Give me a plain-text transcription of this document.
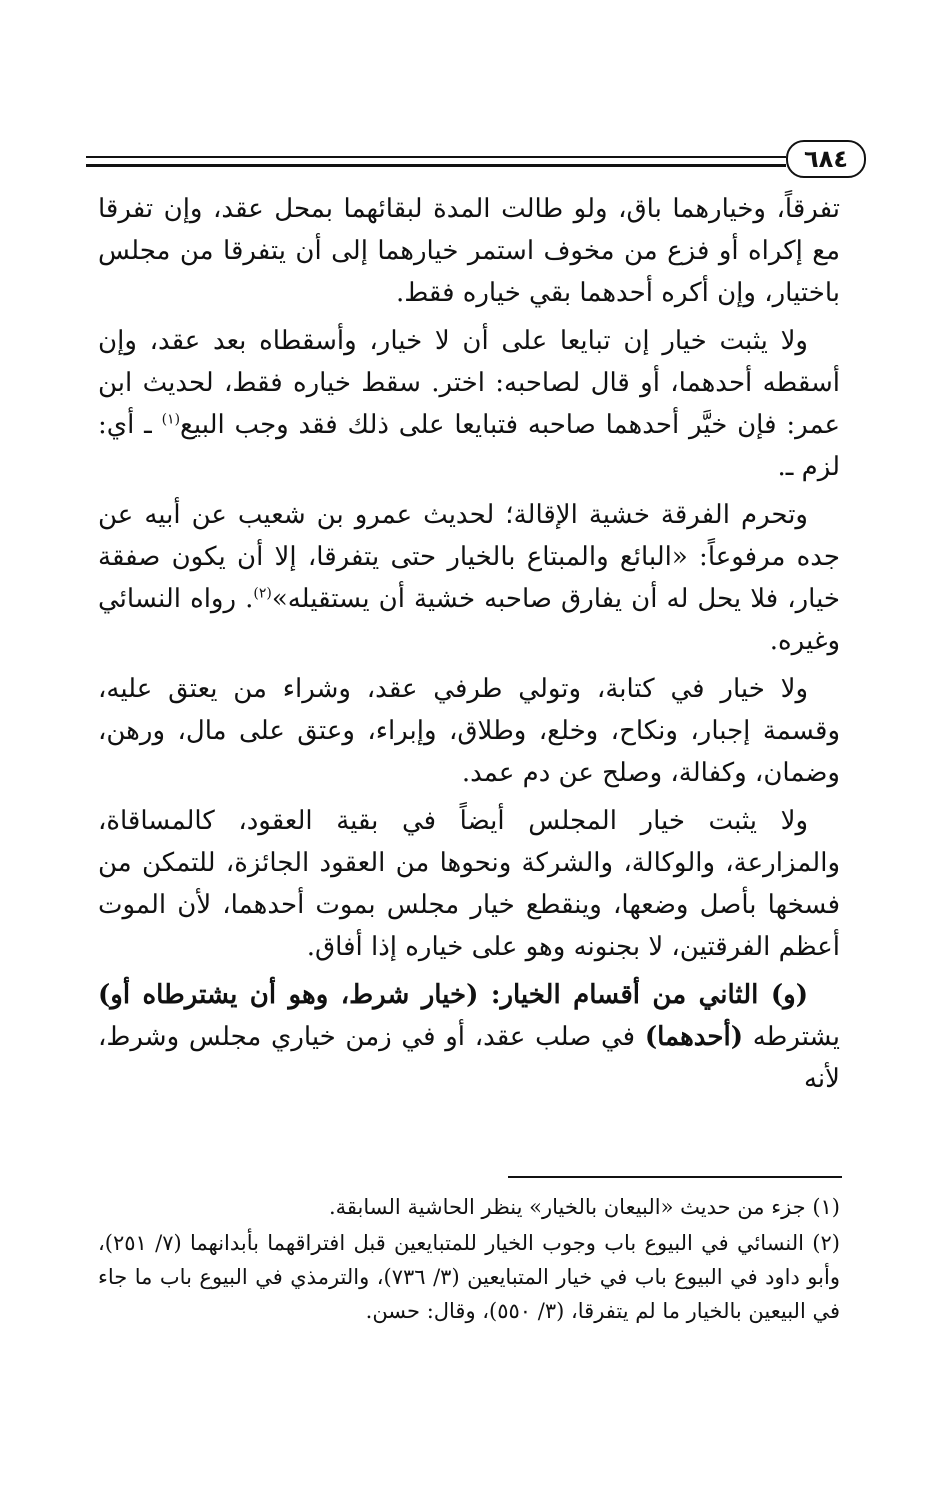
٦٨٤

تفرقاً، وخيارهما باق، ولو طالت المدة لبقائهما بمحل عقد، وإن تفرقا مع إكراه أو فزع من مخوف استمر خيارهما إلى أن يتفرقا من مجلس باختيار، وإن أكره أحدهما بقي خياره فقط.

ولا يثبت خيار إن تبايعا على أن لا خيار، وأسقطاه بعد عقد، وإن أسقطه أحدهما، أو قال لصاحبه: اختر. سقط خياره فقط، لحديث ابن عمر: فإن خيَّر أحدهما صاحبه فتبايعا على ذلك فقد وجب البيع$^{(١)}$ ـ أي: لزم ـ.

وتحرم الفرقة خشية الإقالة؛ لحديث عمرو بن شعيب عن أبيه عن جده مرفوعاً: «البائع والمبتاع بالخيار حتى يتفرقا، إلا أن يكون صفقة خيار، فلا يحل له أن يفارق صاحبه خشية أن يستقيله»$^{(٢)}$. رواه النسائي وغيره.

ولا خيار في كتابة، وتولي طرفي عقد، وشراء من يعتق عليه، وقسمة إجبار، ونكاح، وخلع، وطلاق، وإبراء، وعتق على مال، ورهن، وضمان، وكفالة، وصلح عن دم عمد.

ولا يثبت خيار المجلس أيضاً في بقية العقود، كالمساقاة، والمزارعة، والوكالة، والشركة ونحوها من العقود الجائزة، للتمكن من فسخها بأصل وضعها، وينقطع خيار مجلس بموت أحدهما، لأن الموت أعظم الفرقتين، لا بجنونه وهو على خياره إذا أفاق.

(و) الثاني من أقسام الخيار: (خيار شرط، وهو أن يشترطاه أو) يشترطه (أحدهما) في صلب عقد، أو في زمن خياري مجلس وشرط، لأنه

(١) جزء من حديث «البيعان بالخيار» ينظر الحاشية السابقة.

(٢) النسائي في البيوع باب وجوب الخيار للمتبايعين قبل افتراقهما بأبدانهما (٧/ ٢٥١)، وأبو داود في البيوع باب في خيار المتبايعين (٣/ ٧٣٦)، والترمذي في البيوع باب ما جاء في البيعين بالخيار ما لم يتفرقا، (٣/ ٥٥٠)، وقال: حسن.
